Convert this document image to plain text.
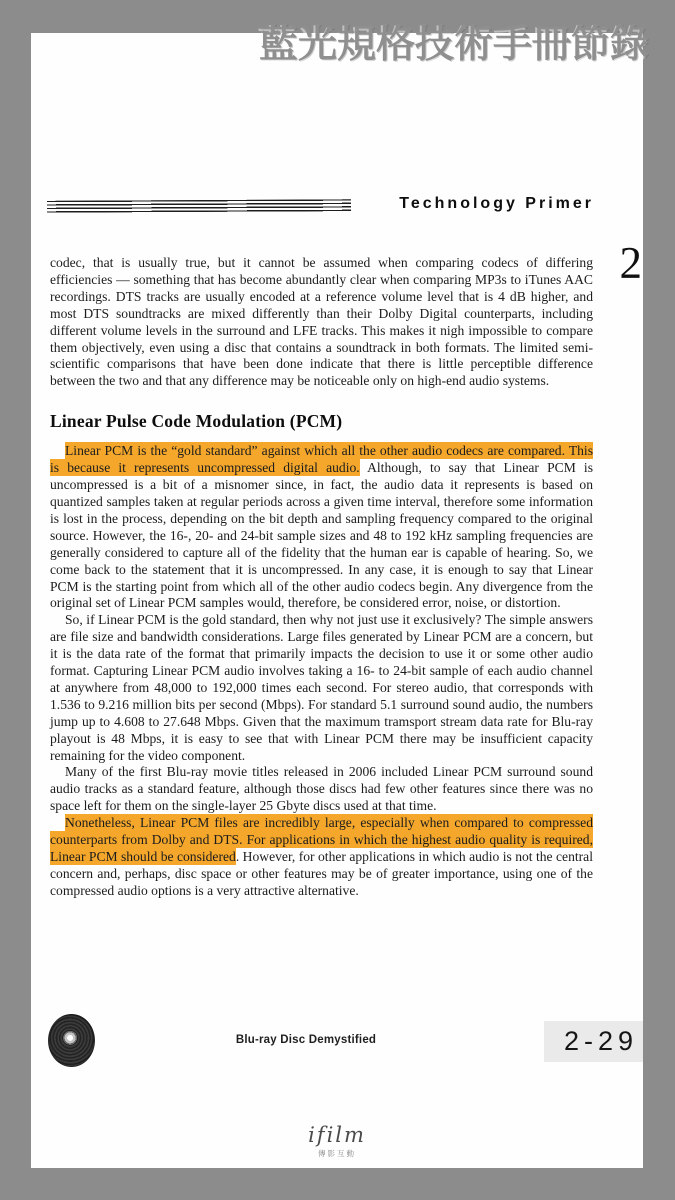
藍光規格技術手冊節錄
Technology Primer
2

codec, that is usually true, but it cannot be assumed when comparing codecs of differing efficiencies — something that has become abundantly clear when comparing MP3s to iTunes AAC recordings. DTS tracks are usually encoded at a reference volume level that is 4 dB higher, and most DTS soundtracks are mixed differently than their Dolby Digital counterparts, including different volume levels in the surround and LFE tracks. This makes it nigh impossible to compare them objectively, even using a disc that contains a soundtrack in both formats. The limited semi-scientific comparisons that have been done indicate that there is little perceptible difference between the two and that any difference may be noticeable only on high-end audio systems.

Linear Pulse Code Modulation (PCM)

Linear PCM is the “gold standard” against which all the other audio codecs are compared. This is because it represents uncompressed digital audio. Although, to say that Linear PCM is uncompressed is a bit of a misnomer since, in fact, the audio data it represents is based on quantized samples taken at regular periods across a given time interval, therefore some information is lost in the process, depending on the bit depth and sampling frequency compared to the original source. However, the 16-, 20- and 24-bit sample sizes and 48 to 192 kHz sampling frequencies are generally considered to capture all of the fidelity that the human ear is capable of hearing. So, we come back to the statement that it is uncompressed. In any case, it is enough to say that Linear PCM is the starting point from which all of the other audio codecs begin. Any divergence from the original set of Linear PCM samples would, therefore, be considered error, noise, or distortion.

So, if Linear PCM is the gold standard, then why not just use it exclusively? The simple answers are file size and bandwidth considerations. Large files generated by Linear PCM are a concern, but it is the data rate of the format that primarily impacts the decision to use it or some other audio format. Capturing Linear PCM audio involves taking a 16- to 24-bit sample of each audio channel at anywhere from 48,000 to 192,000 times each second. For stereo audio, that corresponds with 1.536 to 9.216 million bits per second (Mbps). For standard 5.1 surround sound audio, the numbers jump up to 4.608 to 27.648 Mbps. Given that the maximum tramsport stream data rate for Blu-ray playout is 48 Mbps, it is easy to see that with Linear PCM there may be insufficient capacity remaining for the video component.

Many of the first Blu-ray movie titles released in 2006 included Linear PCM surround sound audio tracks as a standard feature, although those discs had few other features since there was no space left for them on the single-layer 25 Gbyte discs used at that time.

Nonetheless, Linear PCM files are incredibly large, especially when compared to compressed counterparts from Dolby and DTS. For applications in which the highest audio quality is required, Linear PCM should be considered. However, for other applications in which audio is not the central concern and, perhaps, disc space or other features may be of greater importance, using one of the compressed audio options is a very attractive alternative.

Blu-ray Disc Demystified	2-29
ifilm
傳影互動
